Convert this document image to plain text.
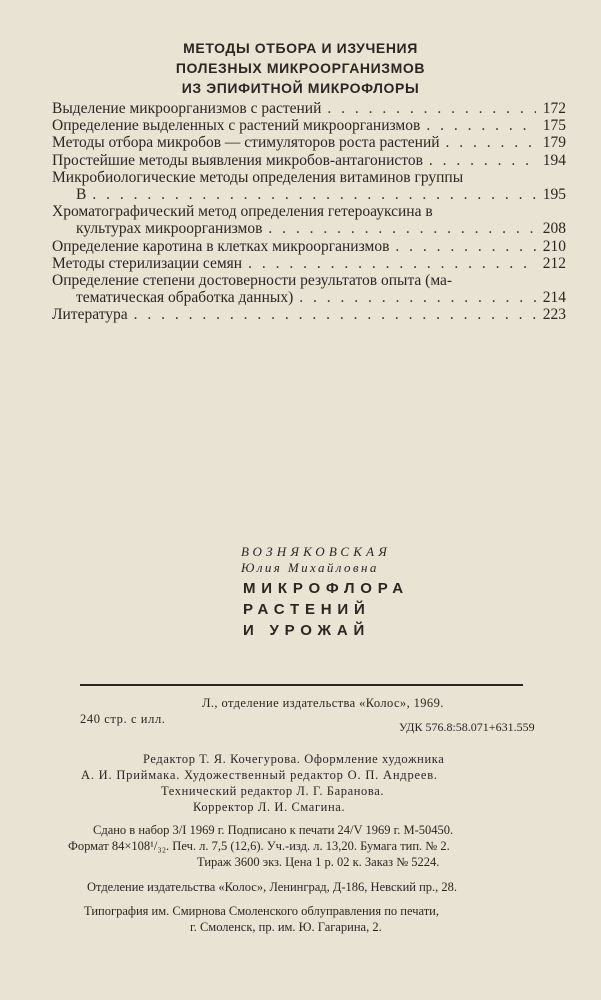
МЕТОДЫ ОТБОРА И ИЗУЧЕНИЯ
ПОЛЕЗНЫХ МИКРООРГАНИЗМОВ
ИЗ ЭПИФИТНОЙ МИКРОФЛОРЫ
Выделение микроорганизмов с растений . . .	172
Определение выделенных с растений микроорганизмов . . .	175
Методы отбора микробов — стимуляторов роста растений . . .	179
Простейшие методы выявления микробов-антагонистов . . .	194
Микробиологические методы определения витаминов группы
В . . .	195
Хроматографический метод определения гетероауксина в
культурах микроорганизмов . . .	208
Определение каротина в клетках микроорганизмов . . .	210
Методы стерилизации семян . . .	212
Определение степени достоверности результатов опыта (ма-
тематическая обработка данных) . . .	214
Литература . . .	223
ВОЗНЯКОВСКАЯ
Юлия Михайловна
МИКРОФЛОРА
РАСТЕНИЙ
И УРОЖАЙ
Л., отделение издательства «Колос», 1969.
240 стр. с илл.
УДК 576.8:58.071+631.559
Редактор Т. Я. Кочегурова. Оформление художника
А. И. Приймака. Художественный редактор О. П. Андреев.
Технический редактор Л. Г. Баранова.
Корректор Л. И. Смагина.
Сдано в набор 3/I 1969 г. Подписано к печати 24/V 1969 г. М-50450.
Формат 84×108¹/₃₂. Печ. л. 7,5 (12,6). Уч.-изд. л. 13,20. Бумага тип. № 2.
Тираж 3600 экз. Цена 1 р. 02 к. Заказ № 5224.
Отделение издательства «Колос», Ленинград, Д-186, Невский пр., 28.
Типография им. Смирнова Смоленского облуправления по печати,
г. Смоленск, пр. им. Ю. Гагарина, 2.
